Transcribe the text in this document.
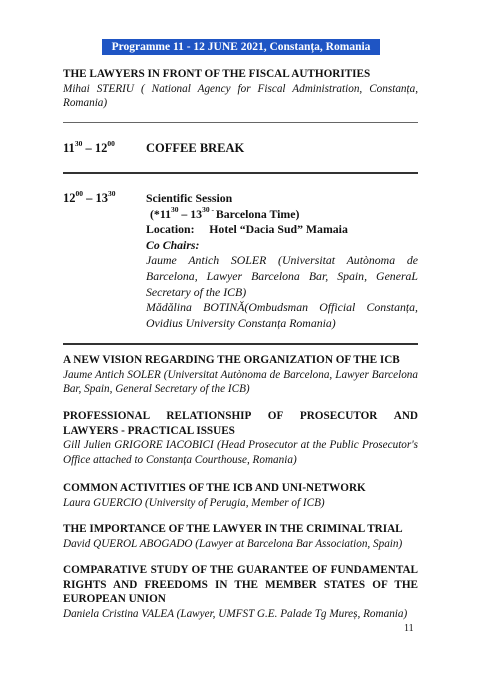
Programme 11 - 12 JUNE 2021, Constanța, Romania

THE LAWYERS IN FRONT OF THE FISCAL AUTHORITIES

Mihai STERIU ( National Agency for Fiscal Administration, Constanța, Romania)

$11^{30} - 12^{00}$ COFFEE BREAK
$12^{00} - 13^{30}$	Scientific Session
($*11^{30} - 13^{30}$ - Barcelona Time)
Location: Hotel “Dacia Sud” Mamaia
Co Chairs:
Jaume Antich SOLER (Universitat Autònoma de Barcelona, Lawyer Barcelona Bar, Spain, GeneraL Secretary of the ICB)
Mădălina BOTINĂ(Ombudsman Official Constanța, Ovidius University Constanța Romania)

A NEW VISION REGARDING THE ORGANIZATION OF THE ICB

Jaume Antich SOLER (Universitat Autònoma de Barcelona, Lawyer Barcelona Bar, Spain, General Secretary of the ICB)

PROFESSIONAL RELATIONSHIP OF PROSECUTOR AND LAWYERS - PRACTICAL ISSUES

Gill Julien GRIGORE IACOBICI (Head Prosecutor at the Public Prosecutor's Office attached to Constanța Courthouse, Romania)

COMMON ACTIVITIES OF THE ICB AND UNI-NETWORK

Laura GUERCIO (University of Perugia, Member of ICB)

THE IMPORTANCE OF THE LAWYER IN THE CRIMINAL TRIAL

David QUEROL ABOGADO (Lawyer at Barcelona Bar Association, Spain)

COMPARATIVE STUDY OF THE GUARANTEE OF FUNDAMENTAL RIGHTS AND FREEDOMS IN THE MEMBER STATES OF THE EUROPEAN UNION

Daniela Cristina VALEA (Lawyer, UMFST G.E. Palade Tg Mureș, Romania)

11
